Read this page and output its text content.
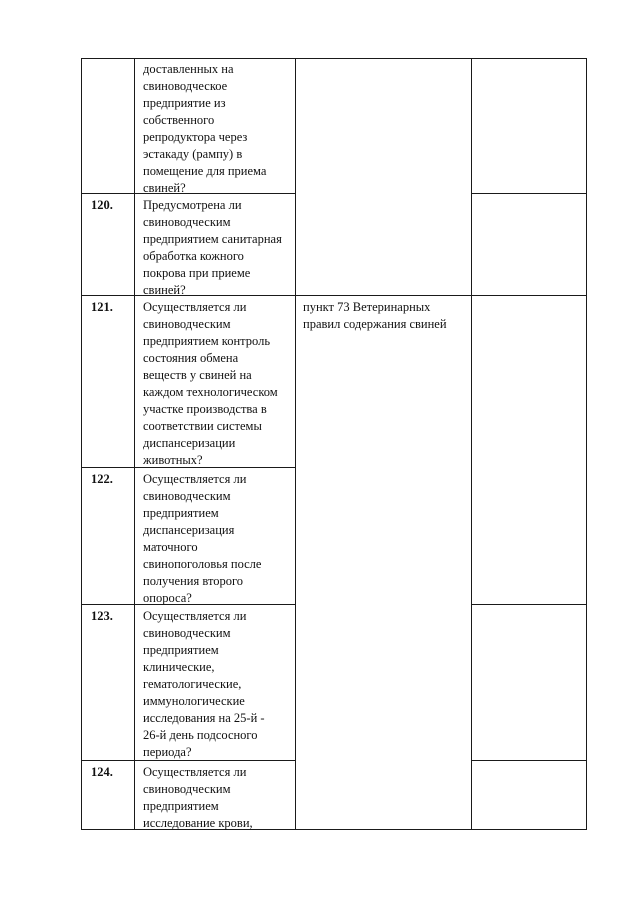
доставленных на
свиноводческое
предприятие из
собственного
репродуктора через
эстакаду (рампу) в
помещение для приема
свиней?
120. Предусмотрена ли
свиноводческим
предприятием санитарная
обработка кожного
покрова при приеме
свиней?
121. Осуществляется ли
свиноводческим
предприятием контроль
состояния обмена
веществ у свиней на
каждом технологическом
участке производства в
соответствии системы
диспансеризации
животных?
пункт 73 Ветеринарных
правил содержания свиней
122. Осуществляется ли
свиноводческим
предприятием
диспансеризация
маточного
свинопоголовья после
получения второго
опороса?
123. Осуществляется ли
свиноводческим
предприятием
клинические,
гематологические,
иммунологические
исследования на 25-й -
26-й день подсосного
периода?
124. Осуществляется ли
свиноводческим
предприятием
исследование крови,
